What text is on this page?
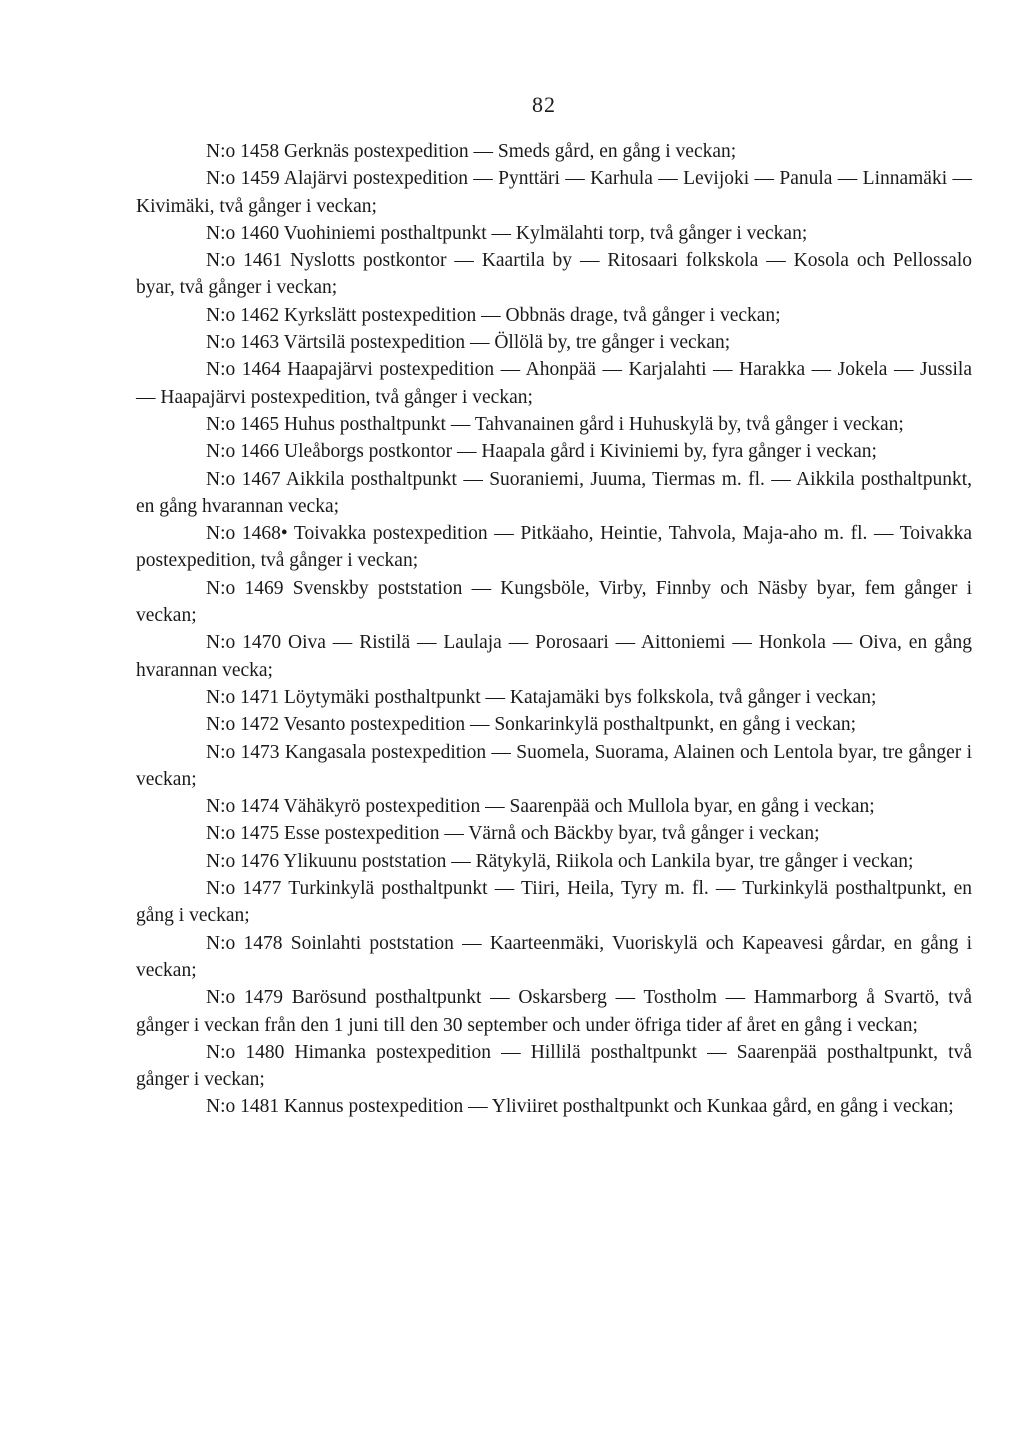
82

N:o 1458 Gerknäs postexpedition — Smeds gård, en gång i veckan;

N:o 1459 Alajärvi postexpedition — Pynttäri — Karhula — Levijoki — Panula — Linnamäki — Kivimäki, två gånger i veckan;

N:o 1460 Vuohiniemi posthaltpunkt — Kylmälahti torp, två gånger i veckan;

N:o 1461 Nyslotts postkontor — Kaartila by — Ritosaari folkskola — Kosola och Pellossalo byar, två gånger i veckan;

N:o 1462 Kyrkslätt postexpedition — Obbnäs drage, två gånger i veckan;

N:o 1463 Värtsilä postexpedition — Öllölä by, tre gånger i veckan;

N:o 1464 Haapajärvi postexpedition — Ahonpää — Karjalahti — Harakka — Jokela — Jussila — Haapajärvi postexpedition, två gånger i veckan;

N:o 1465 Huhus posthaltpunkt — Tahvanainen gård i Huhuskylä by, två gånger i veckan;

N:o 1466 Uleåborgs postkontor — Haapala gård i Kiviniemi by, fyra gånger i veckan;

N:o 1467 Aikkila posthaltpunkt — Suoraniemi, Juuma, Tiermas m. fl. — Aikkila posthaltpunkt, en gång hvarannan vecka;

N:o 1468• Toivakka postexpedition — Pitkäaho, Heintie, Tahvola, Maja-aho m. fl. — Toivakka postexpedition, två gånger i veckan;

N:o 1469 Svenskby poststation — Kungsböle, Virby, Finnby och Näsby byar, fem gånger i veckan;

N:o 1470 Oiva — Ristilä — Laulaja — Porosaari — Aittoniemi — Honkola — Oiva, en gång hvarannan vecka;

N:o 1471 Löytymäki posthaltpunkt — Katajamäki bys folkskola, två gånger i veckan;

N:o 1472 Vesanto postexpedition — Sonkarinkylä posthaltpunkt, en gång i veckan;

N:o 1473 Kangasala postexpedition — Suomela, Suorama, Alainen och Lentola byar, tre gånger i veckan;

N:o 1474 Vähäkyrö postexpedition — Saarenpää och Mullola byar, en gång i veckan;

N:o 1475 Esse postexpedition — Värnå och Bäckby byar, två gånger i veckan;

N:o 1476 Ylikuunu poststation — Rätykylä, Riikola och Lankila byar, tre gånger i veckan;

N:o 1477 Turkinkylä posthaltpunkt — Tiiri, Heila, Tyry m. fl. — Turkinkylä posthaltpunkt, en gång i veckan;

N:o 1478 Soinlahti poststation — Kaarteenmäki, Vuoriskylä och Kapeavesi gårdar, en gång i veckan;

N:o 1479 Barösund posthaltpunkt — Oskarsberg — Tostholm — Hammarborg å Svartö, två gånger i veckan från den 1 juni till den 30 september och under öfriga tider af året en gång i veckan;

N:o 1480 Himanka postexpedition — Hillilä posthaltpunkt — Saarenpää posthaltpunkt, två gånger i veckan;

N:o 1481 Kannus postexpedition — Yliviiret posthaltpunkt och Kunkaa gård, en gång i veckan;
